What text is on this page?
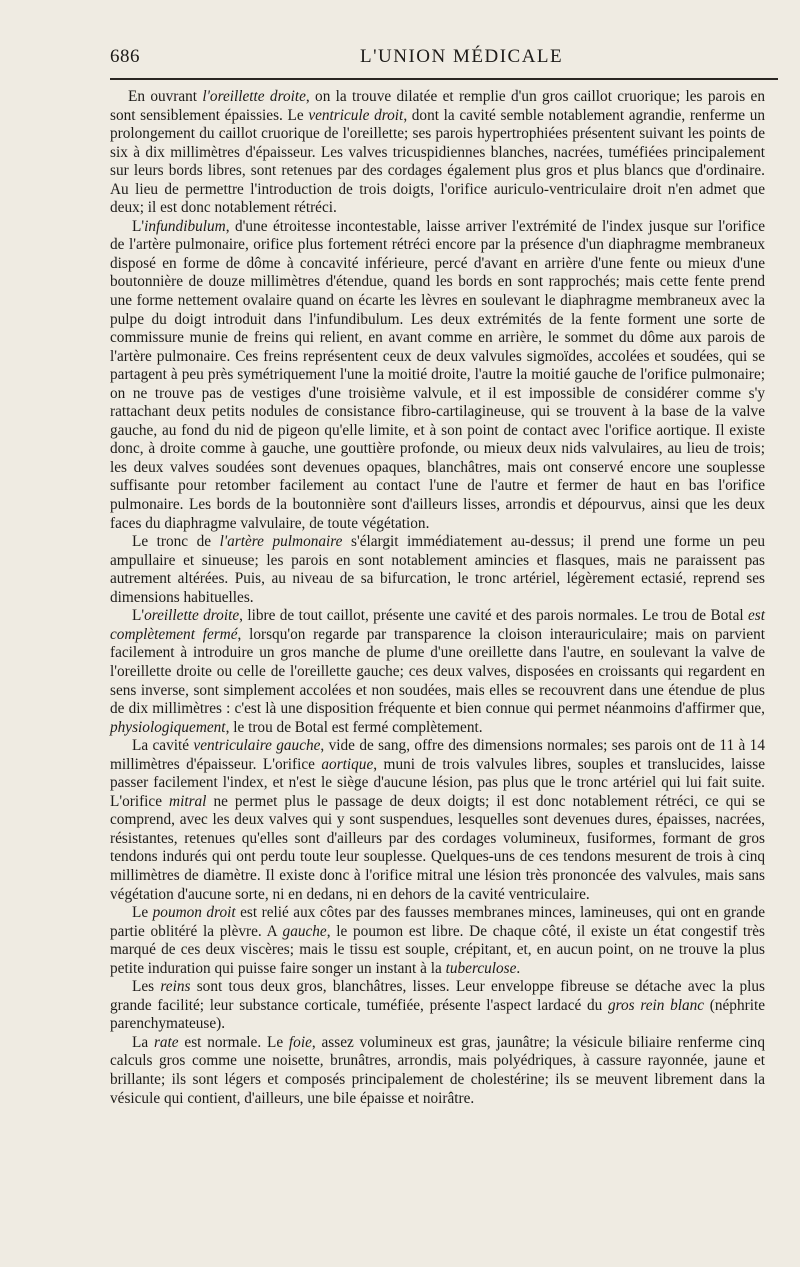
686	L'UNION MÉDICALE

En ouvrant l'oreillette droite, on la trouve dilatée et remplie d'un gros caillot cruorique; les parois en sont sensiblement épaissies. Le ventricule droit, dont la cavité semble notablement agrandie, renferme un prolongement du caillot cruorique de l'oreillette; ses parois hypertrophiées présentent suivant les points de six à dix millimètres d'épaisseur. Les valves tricuspidiennes blanches, nacrées, tuméfiées principalement sur leurs bords libres, sont retenues par des cordages également plus gros et plus blancs que d'ordinaire. Au lieu de permettre l'introduction de trois doigts, l'orifice auriculo-ventriculaire droit n'en admet que deux; il est donc notablement rétréci.

L'infundibulum, d'une étroitesse incontestable, laisse arriver l'extrémité de l'index jusque sur l'orifice de l'artère pulmonaire, orifice plus fortement rétréci encore par la présence d'un diaphragme membraneux disposé en forme de dôme à concavité inférieure, percé d'avant en arrière d'une fente ou mieux d'une boutonnière de douze millimètres d'étendue, quand les bords en sont rapprochés; mais cette fente prend une forme nettement ovalaire quand on écarte les lèvres en soulevant le diaphragme membraneux avec la pulpe du doigt introduit dans l'infundibulum. Les deux extrémités de la fente forment une sorte de commissure munie de freins qui relient, en avant comme en arrière, le sommet du dôme aux parois de l'artère pulmonaire. Ces freins représentent ceux de deux valvules sigmoïdes, accolées et soudées, qui se partagent à peu près symétriquement l'une la moitié droite, l'autre la moitié gauche de l'orifice pulmonaire; on ne trouve pas de vestiges d'une troisième valvule, et il est impossible de considérer comme s'y rattachant deux petits nodules de consistance fibro-cartilagineuse, qui se trouvent à la base de la valve gauche, au fond du nid de pigeon qu'elle limite, et à son point de contact avec l'orifice aortique. Il existe donc, à droite comme à gauche, une gouttière profonde, ou mieux deux nids valvulaires, au lieu de trois; les deux valves soudées sont devenues opaques, blanchâtres, mais ont conservé encore une souplesse suffisante pour retomber facilement au contact l'une de l'autre et fermer de haut en bas l'orifice pulmonaire. Les bords de la boutonnière sont d'ailleurs lisses, arrondis et dépourvus, ainsi que les deux faces du diaphragme valvulaire, de toute végétation.

Le tronc de l'artère pulmonaire s'élargit immédiatement au-dessus; il prend une forme un peu ampullaire et sinueuse; les parois en sont notablement amincies et flasques, mais ne paraissent pas autrement altérées. Puis, au niveau de sa bifurcation, le tronc artériel, légèrement ectasié, reprend ses dimensions habituelles.

L'oreillette droite, libre de tout caillot, présente une cavité et des parois normales. Le trou de Botal est complètement fermé, lorsqu'on regarde par transparence la cloison interauriculaire; mais on parvient facilement à introduire un gros manche de plume d'une oreillette dans l'autre, en soulevant la valve de l'oreillette droite ou celle de l'oreillette gauche; ces deux valves, disposées en croissants qui regardent en sens inverse, sont simplement accolées et non soudées, mais elles se recouvrent dans une étendue de plus de dix millimètres : c'est là une disposition fréquente et bien connue qui permet néanmoins d'affirmer que, physiologiquement, le trou de Botal est fermé complètement.

La cavité ventriculaire gauche, vide de sang, offre des dimensions normales; ses parois ont de 11 à 14 millimètres d'épaisseur. L'orifice aortique, muni de trois valvules libres, souples et translucides, laisse passer facilement l'index, et n'est le siège d'aucune lésion, pas plus que le tronc artériel qui lui fait suite. L'orifice mitral ne permet plus le passage de deux doigts; il est donc notablement rétréci, ce qui se comprend, avec les deux valves qui y sont suspendues, lesquelles sont devenues dures, épaisses, nacrées, résistantes, retenues qu'elles sont d'ailleurs par des cordages volumineux, fusiformes, formant de gros tendons indurés qui ont perdu toute leur souplesse. Quelques-uns de ces tendons mesurent de trois à cinq millimètres de diamètre. Il existe donc à l'orifice mitral une lésion très prononcée des valvules, mais sans végétation d'aucune sorte, ni en dedans, ni en dehors de la cavité ventriculaire.

Le poumon droit est relié aux côtes par des fausses membranes minces, lamineuses, qui ont en grande partie oblitéré la plèvre. A gauche, le poumon est libre. De chaque côté, il existe un état congestif très marqué de ces deux viscères; mais le tissu est souple, crépitant, et, en aucun point, on ne trouve la plus petite induration qui puisse faire songer un instant à la tuberculose.

Les reins sont tous deux gros, blanchâtres, lisses. Leur enveloppe fibreuse se détache avec la plus grande facilité; leur substance corticale, tuméfiée, présente l'aspect lardacé du gros rein blanc (néphrite parenchymateuse).

La rate est normale. Le foie, assez volumineux est gras, jaunâtre; la vésicule biliaire renferme cinq calculs gros comme une noisette, brunâtres, arrondis, mais polyédriques, à cassure rayonnée, jaune et brillante; ils sont légers et composés principalement de cholestérine; ils se meuvent librement dans la vésicule qui contient, d'ailleurs, une bile épaisse et noirâtre.
